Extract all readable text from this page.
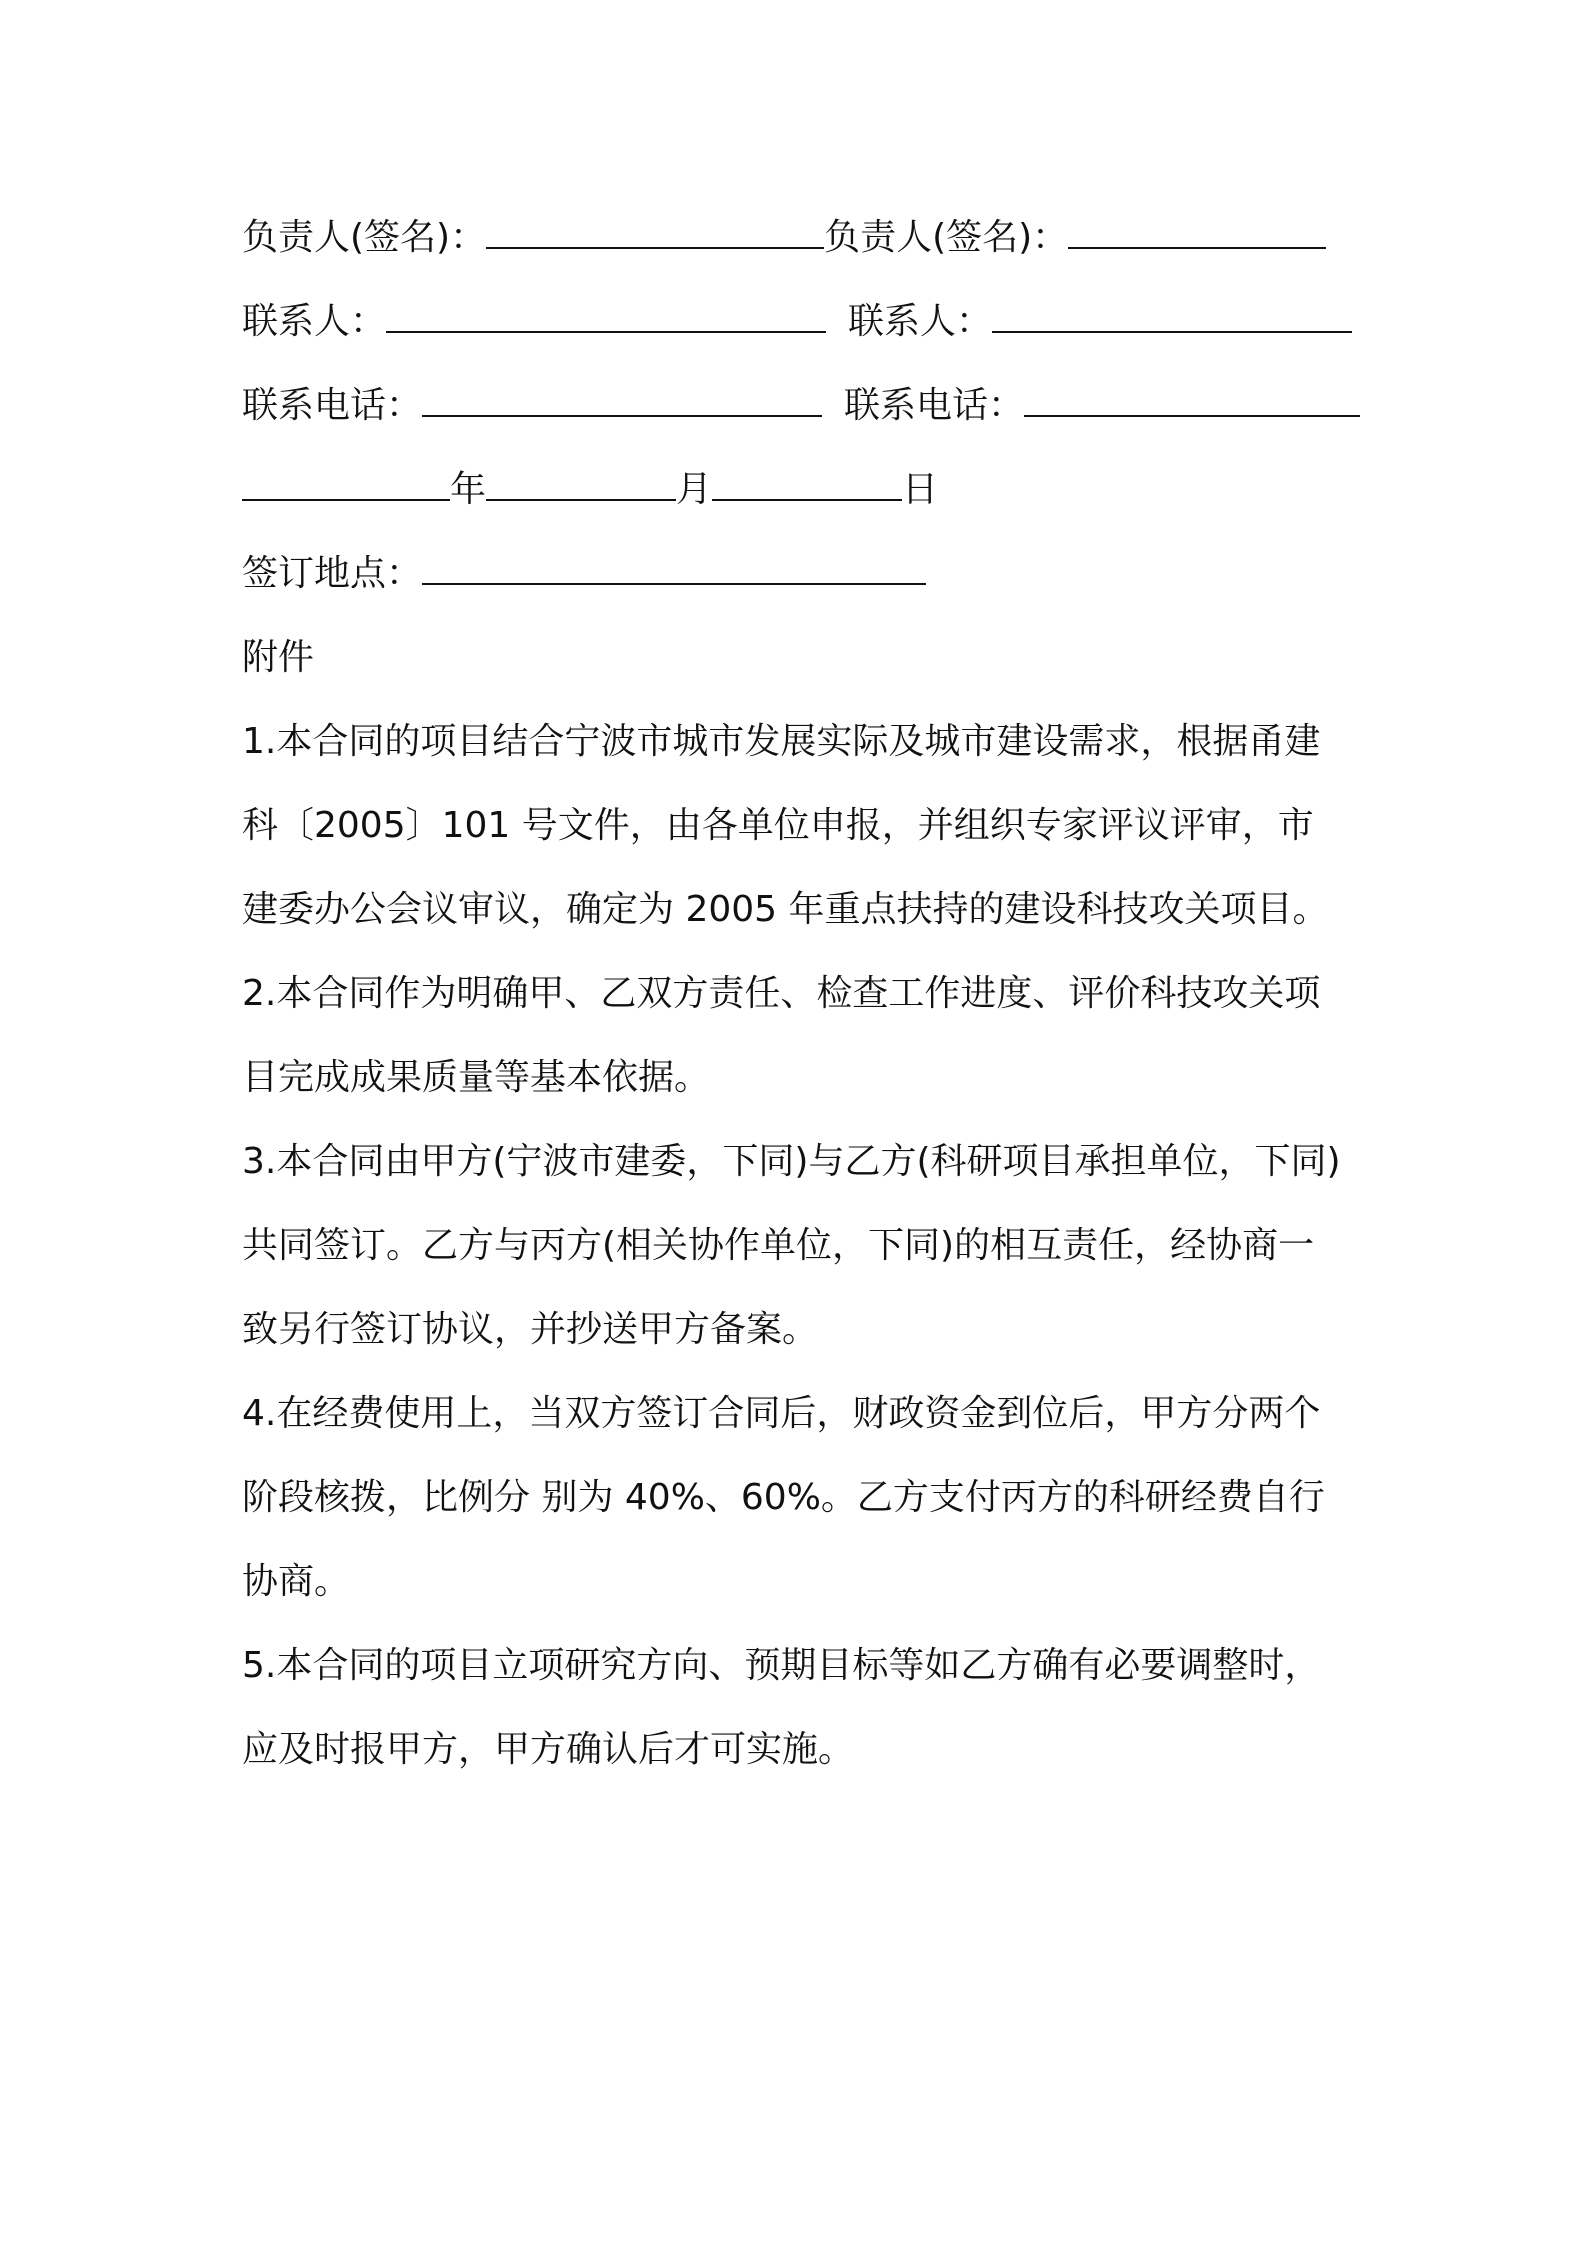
负责人(签名)：	负责人(签名)：
联系人：	联系人：
联系电话：	联系电话：
年	月	日
签订地点：
附件

1.本合同的项目结合宁波市城市发展实际及城市建设需求，根据甬建

科〔2005〕101 号文件，由各单位申报，并组织专家评议评审，市

建委办公会议审议，确定为 2005 年重点扶持的建设科技攻关项目。

2.本合同作为明确甲、乙双方责任、检查工作进度、评价科技攻关项

目完成成果质量等基本依据。

3.本合同由甲方(宁波市建委，下同)与乙方(科研项目承担单位，下同)

共同签订。乙方与丙方(相关协作单位，下同)的相互责任，经协商一

致另行签订协议，并抄送甲方备案。

4.在经费使用上，当双方签订合同后，财政资金到位后，甲方分两个

阶段核拨，比例分 别为 40%、60%。乙方支付丙方的科研经费自行

协商。

5.本合同的项目立项研究方向、预期目标等如乙方确有必要调整时，

应及时报甲方，甲方确认后才可实施。
